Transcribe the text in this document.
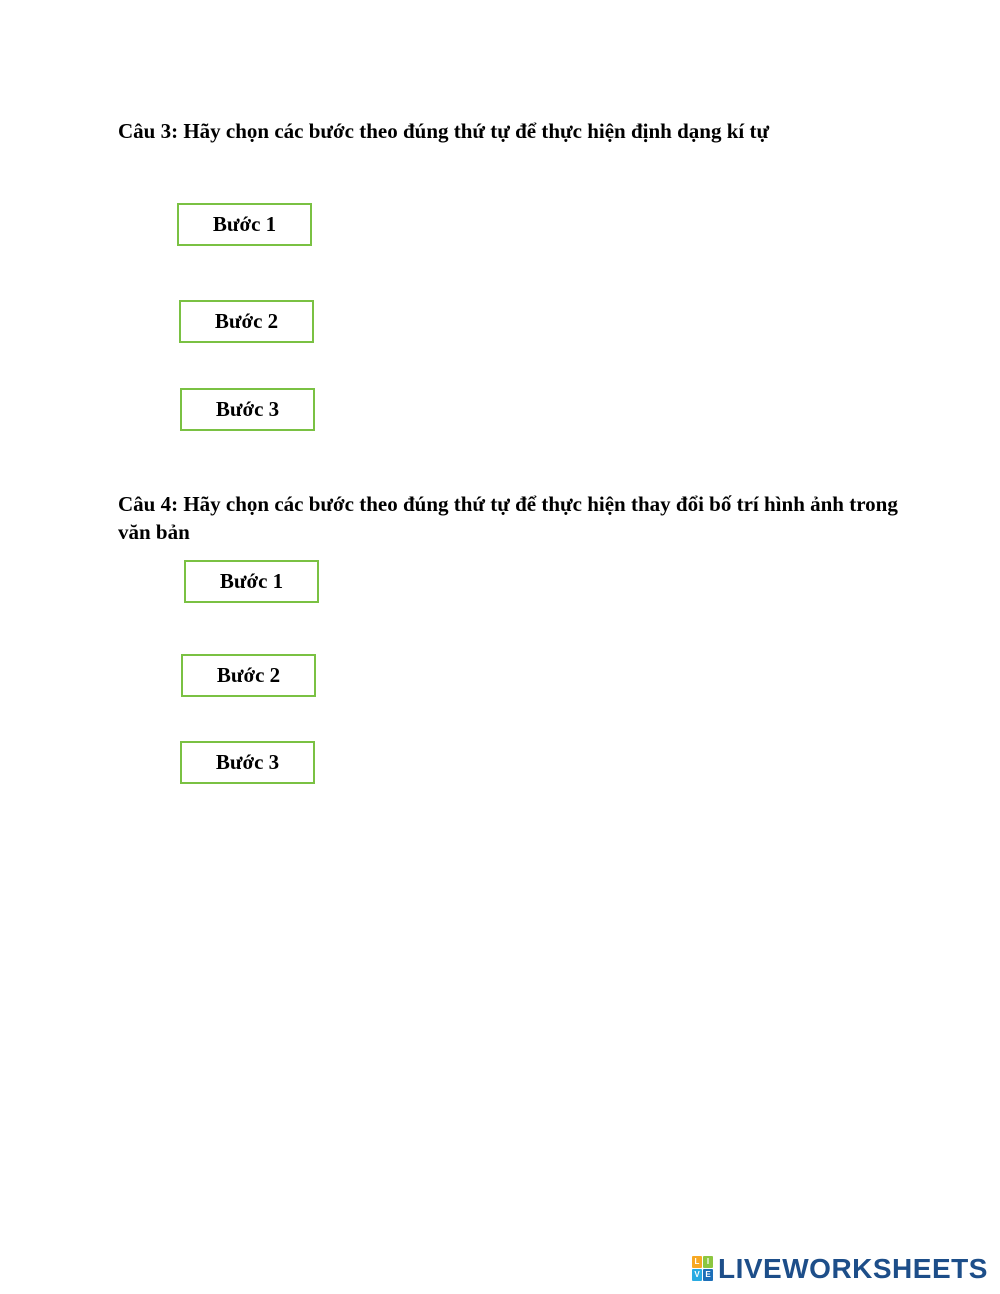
Câu 3: Hãy chọn các bước theo đúng thứ tự để thực hiện định dạng kí tự

Bước 1
Bước 2
Bước 3

Câu 4: Hãy chọn các bước theo đúng thứ tự để thực hiện thay đổi bố trí hình ảnh trong văn bản

Bước 1
Bước 2
Bước 3
L I
V E LIVEWORKSHEETS
